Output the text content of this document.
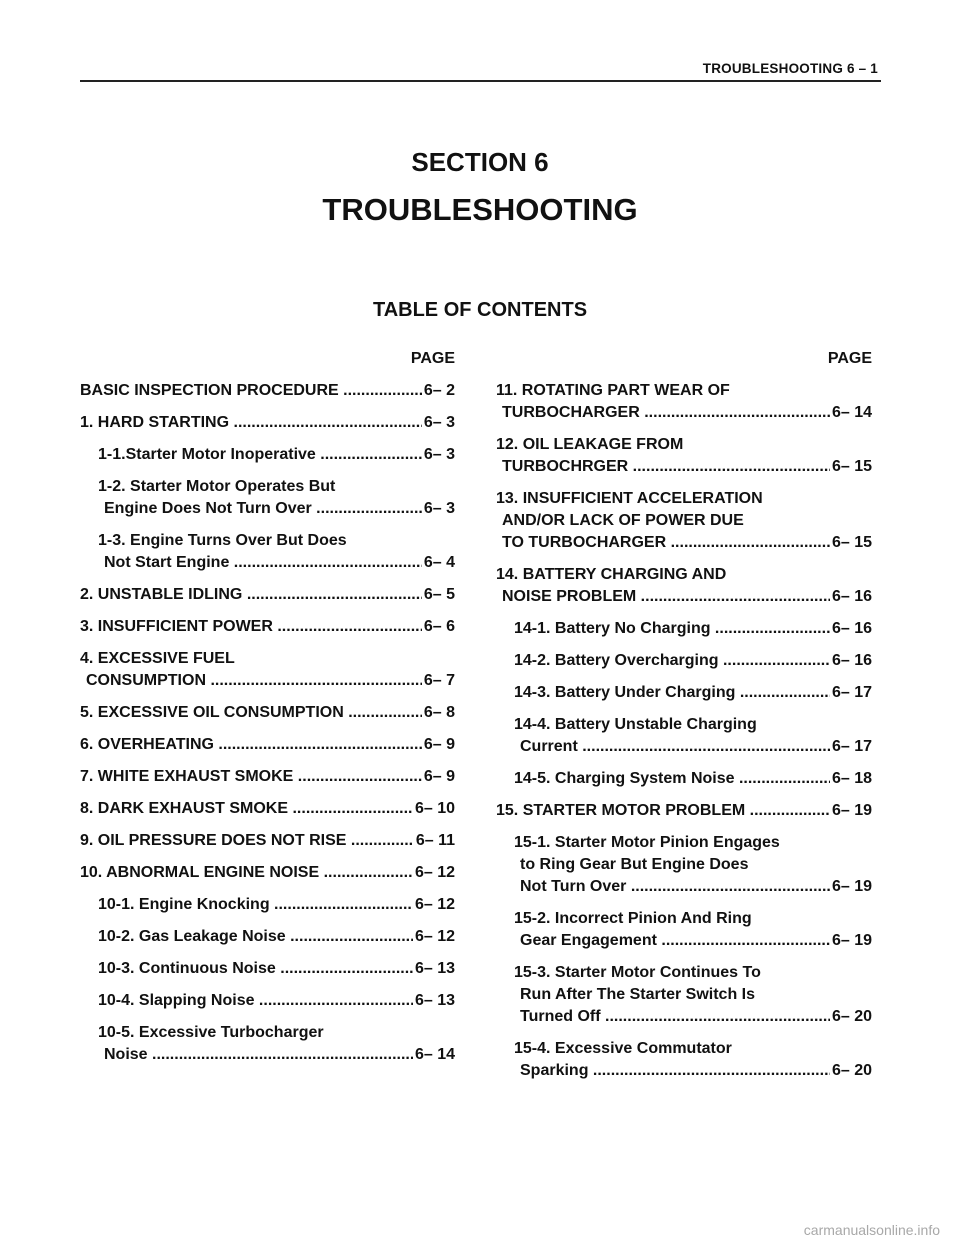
TROUBLESHOOTING 6 – 1
SECTION 6
TROUBLESHOOTING
TABLE OF CONTENTS
PAGE
BASIC INSPECTION PROCEDURE .....	6– 2
1. HARD STARTING .....	6– 3
1-1.Starter Motor Inoperative .....	6– 3
1-2. Starter Motor Operates But
Engine Does Not Turn Over .....	6– 3
1-3. Engine Turns Over But Does
Not Start Engine .....	6– 4
2. UNSTABLE IDLING .....	6– 5
3. INSUFFICIENT POWER .....	6– 6
4. EXCESSIVE FUEL
CONSUMPTION .....	6– 7
5. EXCESSIVE OIL CONSUMPTION .....	6– 8
6. OVERHEATING .....	6– 9
7. WHITE EXHAUST SMOKE .....	6– 9
8. DARK EXHAUST SMOKE .....	6– 10
9. OIL PRESSURE DOES NOT RISE .....	6– 11
10. ABNORMAL ENGINE NOISE .....	6– 12
10-1. Engine Knocking .....	6– 12
10-2. Gas Leakage Noise .....	6– 12
10-3. Continuous Noise .....	6– 13
10-4. Slapping Noise .....	6– 13
10-5. Excessive Turbocharger
Noise .....	6– 14
PAGE
11. ROTATING PART WEAR OF
TURBOCHARGER .....	6– 14
12. OIL LEAKAGE FROM
TURBOCHRGER .....	6– 15
13. INSUFFICIENT ACCELERATION
AND/OR LACK OF POWER DUE
TO TURBOCHARGER .....	6– 15
14. BATTERY CHARGING AND
NOISE PROBLEM .....	6– 16
14-1. Battery No Charging .....	6– 16
14-2. Battery Overcharging .....	6– 16
14-3. Battery Under Charging .....	6– 17
14-4. Battery Unstable Charging
Current .....	6– 17
14-5. Charging System Noise .....	6– 18
15. STARTER MOTOR PROBLEM .....	6– 19
15-1. Starter Motor Pinion Engages
to Ring Gear But Engine Does
Not Turn Over .....	6– 19
15-2. Incorrect Pinion And Ring
Gear Engagement .....	6– 19
15-3. Starter Motor Continues To
Run After The Starter Switch Is
Turned Off .....	6– 20
15-4. Excessive Commutator
Sparking .....	6– 20
carmanualsonline.info
